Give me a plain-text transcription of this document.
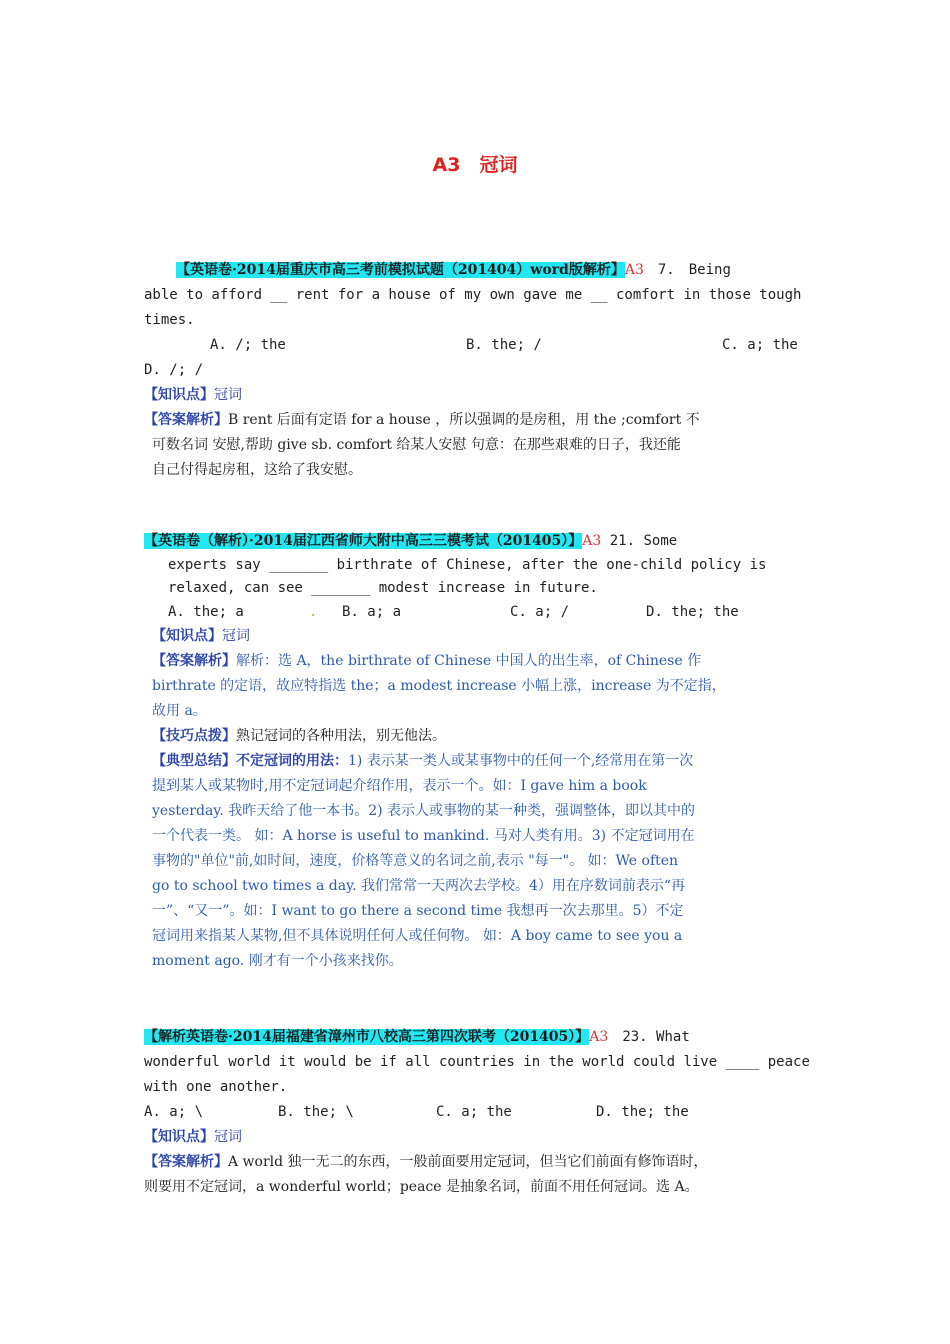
A3　冠词
【英语卷·2014届重庆市高三考前模拟试题（201404）word版解析】A3　7.　Being
able to afford __ rent for a house of my own gave me __ comfort in those tough
times.
A. /; the	B. the; /	C. a; the
D. /; /
【知识点】冠词
【答案解析】B rent 后面有定语 for a house ，所以强调的是房租，用 the ;comfort 不
可数名词 安慰,帮助 give sb. comfort 给某人安慰 句意：在那些艰难的日子，我还能
自己付得起房租，这给了我安慰。
【英语卷（解析）·2014届江西省师大附中高三三模考试（201405）】A3 21. Some
experts say _______ birthrate of Chinese, after the one-child policy is
relaxed, can see _______ modest increase in future.
A. the; a	. B. a; a	C. a; /	D. the; the
【知识点】冠词
【答案解析】解析：选 A，the birthrate of Chinese 中国人的出生率，of Chinese 作
birthrate 的定语，故应特指选 the；a modest increase 小幅上涨，increase 为不定指，
故用 a。
【技巧点拨】熟记冠词的各种用法，别无他法。
【典型总结】不定冠词的用法：1) 表示某一类人或某事物中的任何一个,经常用在第一次
提到某人或某物时,用不定冠词起介绍作用，表示一个。如：I gave him a book
yesterday. 我昨天给了他一本书。2) 表示人或事物的某一种类，强调整体，即以其中的
一个代表一类。 如：A horse is useful to mankind. 马对人类有用。3) 不定冠词用在
事物的"单位"前,如时间，速度，价格等意义的名词之前,表示 "每一"。 如：We often
go to school two times a day. 我们常常一天两次去学校。4）用在序数词前表示“再
一”、“又一”。如：I want to go there a second time 我想再一次去那里。5）不定
冠词用来指某人某物,但不具体说明任何人或任何物。 如：A boy came to see you a
moment ago. 刚才有一个小孩来找你。
【解析英语卷·2014届福建省漳州市八校高三第四次联考（201405）】A3　23. What
wonderful world it would be if all countries in the world could live ____ peace
with one another.
A. a; \	B. the; \	C. a; the	D. the; the
【知识点】冠词
【答案解析】A world 独一无二的东西，一般前面要用定冠词，但当它们前面有修饰语时，
则要用不定冠词，a wonderful world；peace 是抽象名词，前面不用任何冠词。选 A。
